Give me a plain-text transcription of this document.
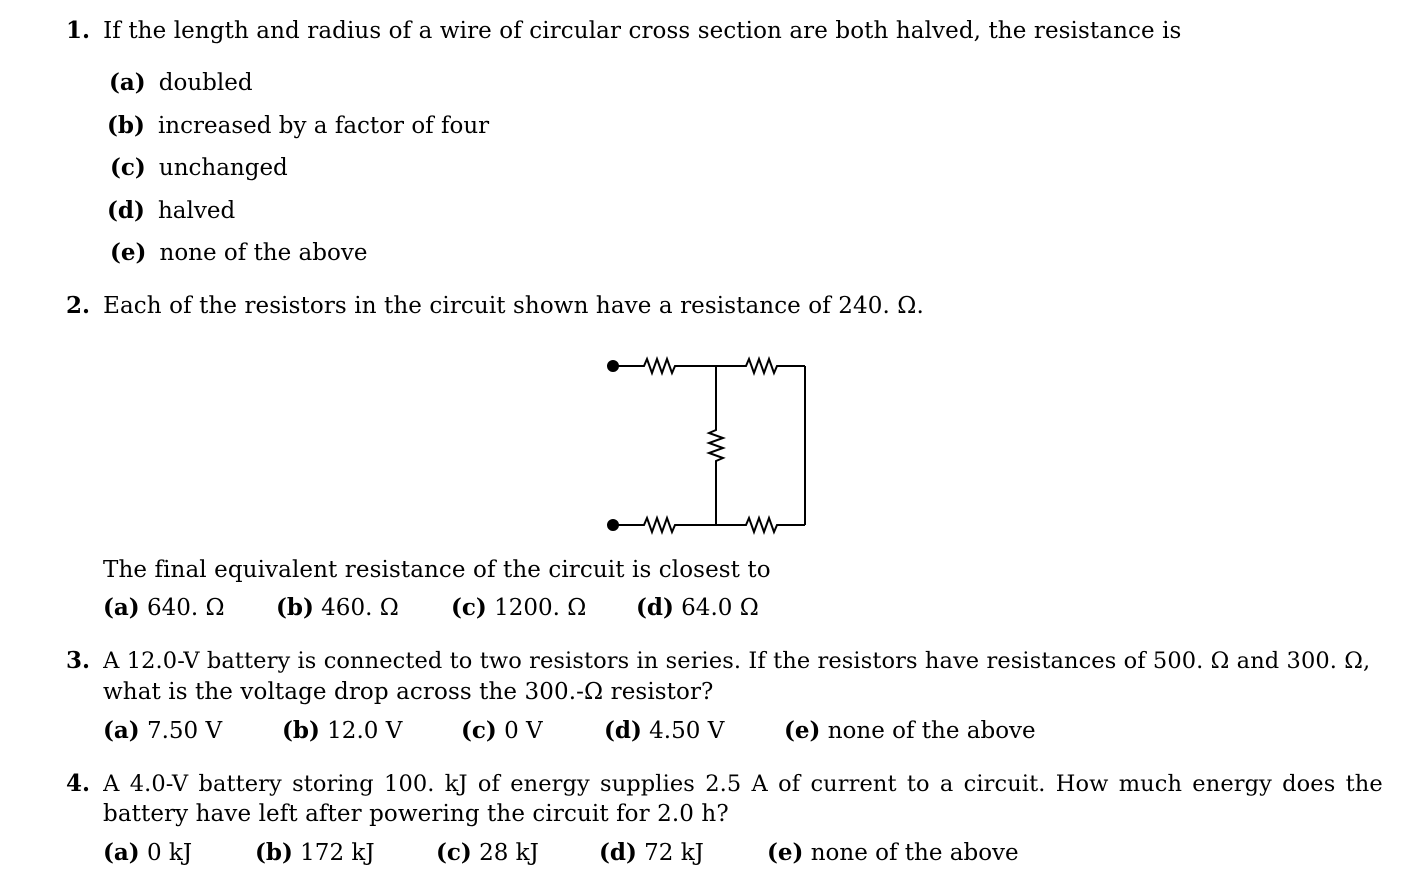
1. If the length and radius of a wire of circular cross section are both halved, the resistance is
(a) doubled
(b) increased by a factor of four
(c) unchanged
(d) halved
(e) none of the above
2. Each of the resistors in the circuit shown have a resistance of 240. Ω.
The final equivalent resistance of the circuit is closest to
(a) 640. Ω (b) 460. Ω (c) 1200. Ω (d) 64.0 Ω
3. A 12.0-V battery is connected to two resistors in series. If the resistors have resistances of 500. Ω and 300. Ω,
what is the voltage drop across the 300.-Ω resistor?
(a) 7.50 V	(b) 12.0 V	(c) 0 V	(d) 4.50 V	(e) none of the above
4. A 4.0-V battery storing 100. kJ of energy supplies 2.5 A of current to a circuit. How much energy does the
battery have left after powering the circuit for 2.0 h?
(a) 0 kJ	(b) 172 kJ	(c) 28 kJ	(d) 72 kJ	(e) none of the above
